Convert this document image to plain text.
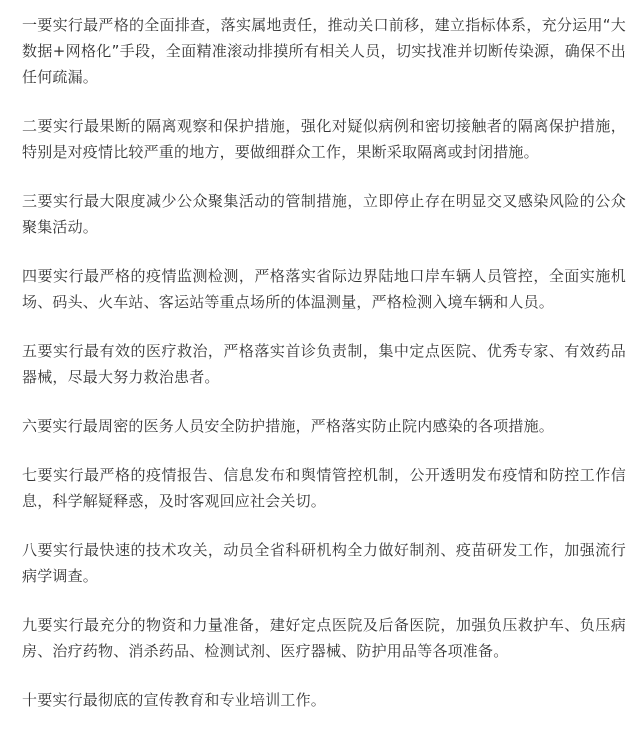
一要实行最严格的全面排查，落实属地责任，推动关口前移，建立指标体系，充分运用“大数据+网格化”手段，全面精准滚动排摸所有相关人员，切实找准并切断传染源，确保不出任何疏漏。

二要实行最果断的隔离观察和保护措施，强化对疑似病例和密切接触者的隔离保护措施，特别是对疫情比较严重的地方，要做细群众工作，果断采取隔离或封闭措施。

三要实行最大限度减少公众聚集活动的管制措施，立即停止存在明显交叉感染风险的公众聚集活动。

四要实行最严格的疫情监测检测，严格落实省际边界陆地口岸车辆人员管控，全面实施机场、码头、火车站、客运站等重点场所的体温测量，严格检测入境车辆和人员。

五要实行最有效的医疗救治，严格落实首诊负责制，集中定点医院、优秀专家、有效药品器械，尽最大努力救治患者。

六要实行最周密的医务人员安全防护措施，严格落实防止院内感染的各项措施。

七要实行最严格的疫情报告、信息发布和舆情管控机制，公开透明发布疫情和防控工作信息，科学解疑释惑，及时客观回应社会关切。

八要实行最快速的技术攻关，动员全省科研机构全力做好制剂、疫苗研发工作，加强流行病学调查。

九要实行最充分的物资和力量准备，建好定点医院及后备医院，加强负压救护车、负压病房、治疗药物、消杀药品、检测试剂、医疗器械、防护用品等各项准备。

十要实行最彻底的宣传教育和专业培训工作。
